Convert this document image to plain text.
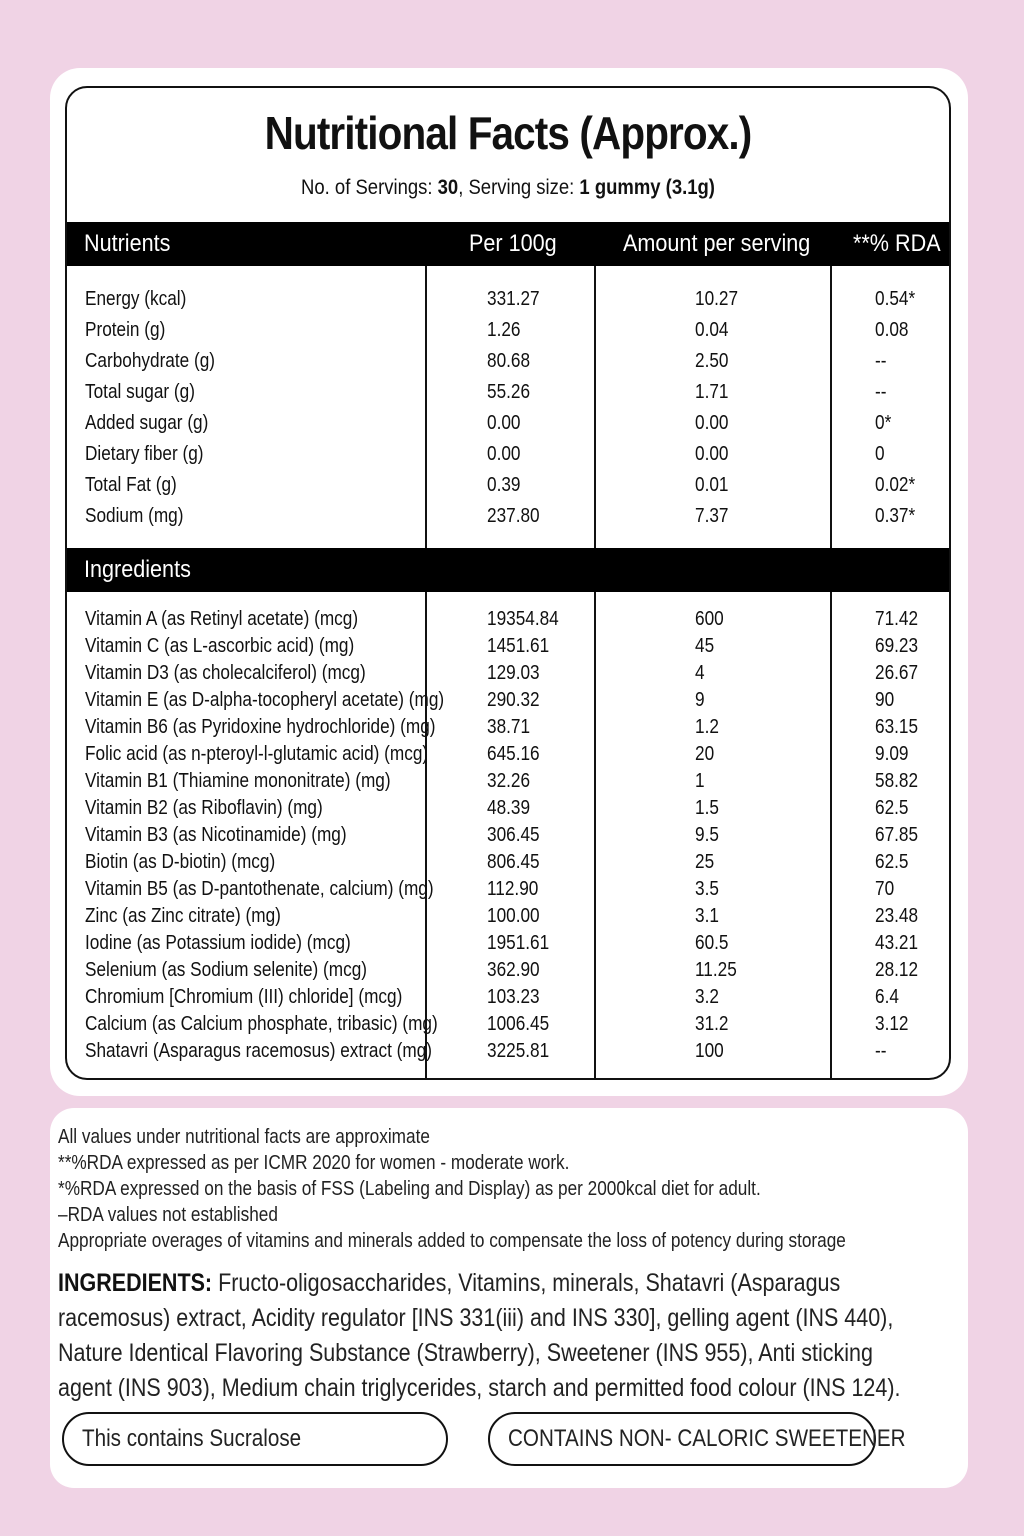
Nutritional Facts (Approx.)
No. of Servings: 30, Serving size: 1 gummy (3.1g)
Nutrients	Per 100g	Amount per serving **% RDA
Energy (kcal)	331.27	10.27	0.54*
Protein (g)	1.26	0.04	0.08
Carbohydrate (g)	80.68	2.50	--
Total sugar (g)	55.26	1.71	--
Added sugar (g)	0.00	0.00	0*
Dietary fiber (g)	0.00	0.00	0
Total Fat (g)	0.39	0.01	0.02*
Sodium (mg)	237.80	7.37	0.37*
Ingredients
Vitamin A (as Retinyl acetate) (mcg)	19354.84	600	71.42
Vitamin C (as L-ascorbic acid) (mg)	1451.61	45	69.23
Vitamin D3 (as cholecalciferol) (mcg)	129.03	4	26.67
Vitamin E (as D-alpha-tocopheryl acetate) (mg) 290.32	9	90
Vitamin B6 (as Pyridoxine hydrochloride) (mg)	38.71	1.2	63.15
Folic acid (as n-pteroyl-l-glutamic acid) (mcg)	645.16	20	9.09
Vitamin B1 (Thiamine mononitrate) (mg)	32.26	1	58.82
Vitamin B2 (as Riboflavin) (mg)	48.39	1.5	62.5
Vitamin B3 (as Nicotinamide) (mg)	306.45	9.5	67.85
Biotin (as D-biotin) (mcg)	806.45	25	62.5
Vitamin B5 (as D-pantothenate, calcium) (mg)	112.90	3.5	70
Zinc (as Zinc citrate) (mg)	100.00	3.1	23.48
Iodine (as Potassium iodide) (mcg)	1951.61	60.5	43.21
Selenium (as Sodium selenite) (mcg)	362.90	11.25	28.12
Chromium [Chromium (III) chloride] (mcg)	103.23	3.2	6.4
Calcium (as Calcium phosphate, tribasic) (mg) 1006.45	31.2	3.12
Shatavri (Asparagus racemosus) extract (mg)	3225.81	100	--
All values under nutritional facts are approximate
**%RDA expressed as per ICMR 2020 for women - moderate work.
*%RDA expressed on the basis of FSS (Labeling and Display) as per 2000kcal diet for adult.
–RDA values not established
Appropriate overages of vitamins and minerals added to compensate the loss of potency during storage
INGREDIENTS: Fructo-oligosaccharides, Vitamins, minerals, Shatavri (Asparagus racemosus) extract, Acidity regulator [INS 331(iii) and INS 330], gelling agent (INS 440), Nature Identical Flavoring Substance (Strawberry), Sweetener (INS 955), Anti sticking agent (INS 903), Medium chain triglycerides, starch and permitted food colour (INS 124).
This contains Sucralose	CONTAINS NON- CALORIC SWEETENER
